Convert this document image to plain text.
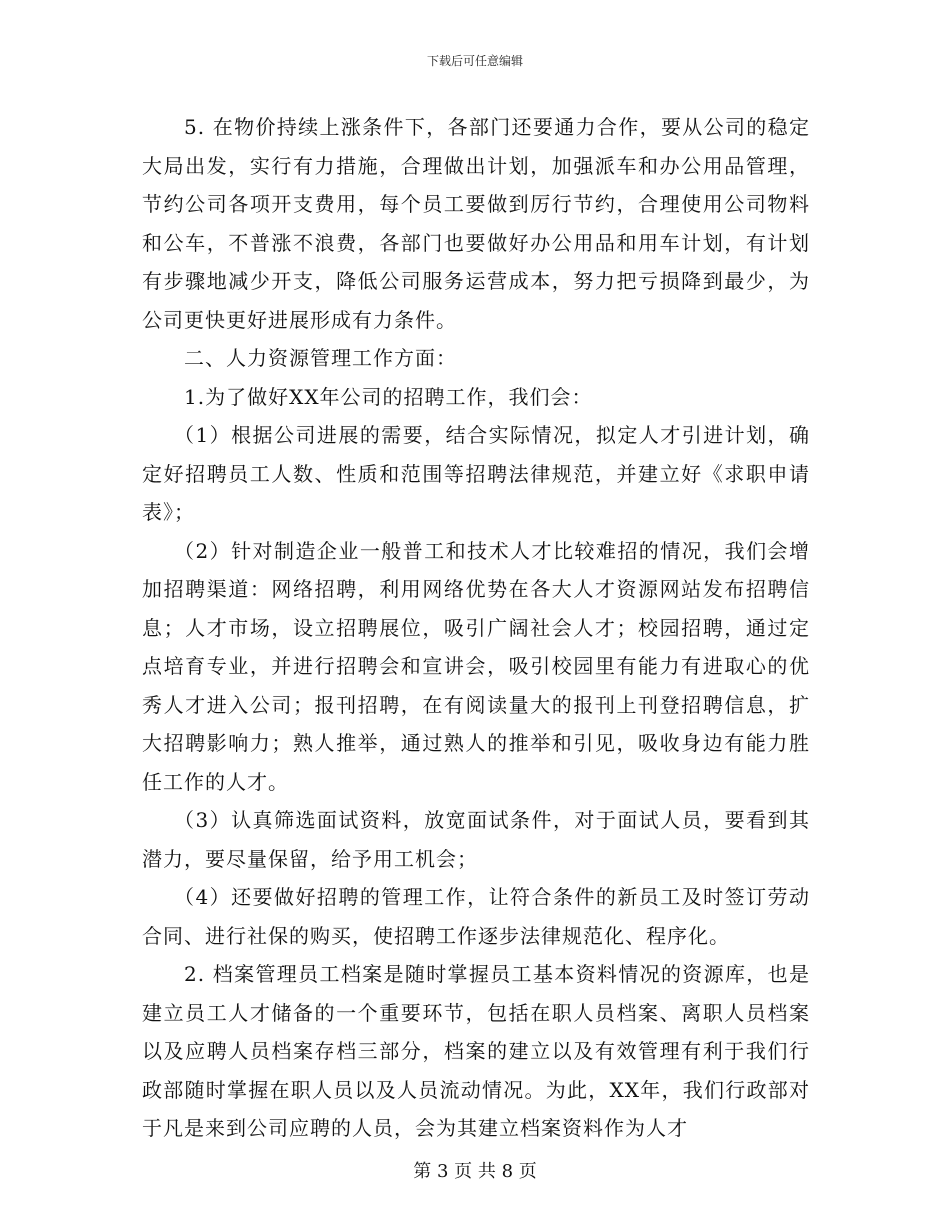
下载后可任意编辑

5. 在物价持续上涨条件下，各部门还要通力合作，要从公司的稳定大局出发，实行有力措施，合理做出计划，加强派车和办公用品管理，节约公司各项开支费用，每个员工要做到厉行节约，合理使用公司物料和公车，不普涨不浪费，各部门也要做好办公用品和用车计划，有计划有步骤地减少开支，降低公司服务运营成本，努力把亏损降到最少，为公司更快更好进展形成有力条件。

二、人力资源管理工作方面：

1.为了做好XX年公司的招聘工作，我们会：

（1）根据公司进展的需要，结合实际情况，拟定人才引进计划，确定好招聘员工人数、性质和范围等招聘法律规范，并建立好《求职申请表》；

（2）针对制造企业一般普工和技术人才比较难招的情况，我们会增加招聘渠道：网络招聘，利用网络优势在各大人才资源网站发布招聘信息；人才市场，设立招聘展位，吸引广阔社会人才；校园招聘，通过定点培育专业，并进行招聘会和宣讲会，吸引校园里有能力有进取心的优秀人才进入公司；报刊招聘，在有阅读量大的报刊上刊登招聘信息，扩大招聘影响力；熟人推举，通过熟人的推举和引见，吸收身边有能力胜任工作的人才。

（3）认真筛选面试资料，放宽面试条件，对于面试人员，要看到其潜力，要尽量保留，给予用工机会；

（4）还要做好招聘的管理工作，让符合条件的新员工及时签订劳动合同、进行社保的购买，使招聘工作逐步法律规范化、程序化。

2. 档案管理员工档案是随时掌握员工基本资料情况的资源库，也是建立员工人才储备的一个重要环节，包括在职人员档案、离职人员档案以及应聘人员档案存档三部分，档案的建立以及有效管理有利于我们行政部随时掌握在职人员以及人员流动情况。为此，XX年，我们行政部对于凡是来到公司应聘的人员，会为其建立档案资料作为人才

第 3 页 共 8 页
